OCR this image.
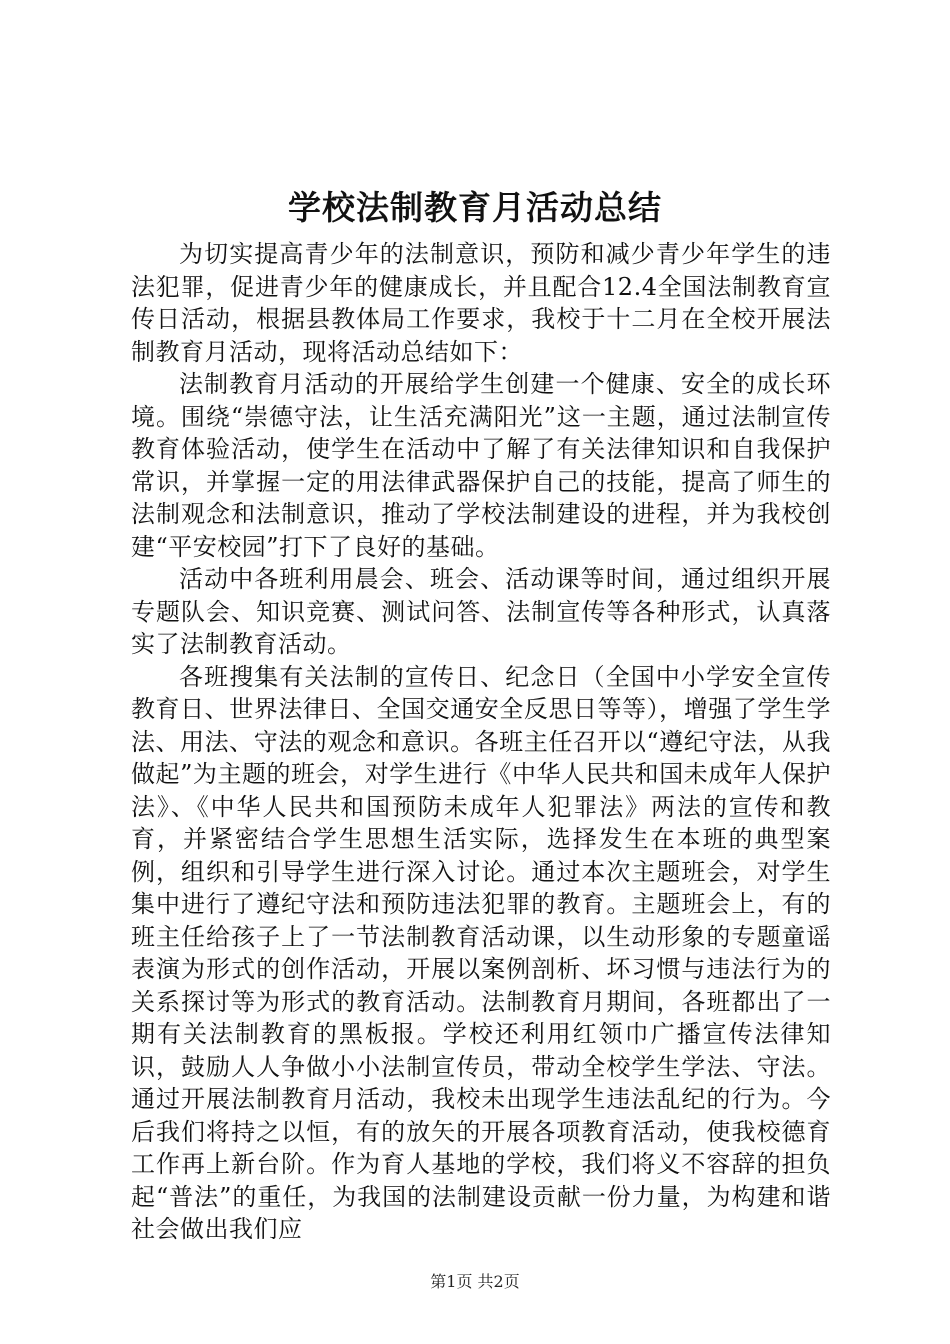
学校法制教育月活动总结

为切实提高青少年的法制意识，预防和减少青少年学生的违法犯罪，促进青少年的健康成长，并且配合12.4全国法制教育宣传日活动，根据县教体局工作要求，我校于十二月在全校开展法制教育月活动，现将活动总结如下：

法制教育月活动的开展给学生创建一个健康、安全的成长环境。围绕“崇德守法，让生活充满阳光”这一主题，通过法制宣传教育体验活动，使学生在活动中了解了有关法律知识和自我保护常识，并掌握一定的用法律武器保护自己的技能，提高了师生的法制观念和法制意识，推动了学校法制建设的进程，并为我校创建“平安校园”打下了良好的基础。

活动中各班利用晨会、班会、活动课等时间，通过组织开展专题队会、知识竞赛、测试问答、法制宣传等各种形式，认真落实了法制教育活动。

各班搜集有关法制的宣传日、纪念日（全国中小学安全宣传教育日、世界法律日、全国交通安全反思日等等），增强了学生学法、用法、守法的观念和意识。各班主任召开以“遵纪守法，从我做起”为主题的班会，对学生进行《中华人民共和国未成年人保护法》、《中华人民共和国预防未成年人犯罪法》两法的宣传和教育，并紧密结合学生思想生活实际，选择发生在本班的典型案例，组织和引导学生进行深入讨论。通过本次主题班会，对学生集中进行了遵纪守法和预防违法犯罪的教育。主题班会上，有的班主任给孩子上了一节法制教育活动课，以生动形象的专题童谣表演为形式的创作活动，开展以案例剖析、坏习惯与违法行为的关系探讨等为形式的教育活动。法制教育月期间，各班都出了一期有关法制教育的黑板报。学校还利用红领巾广播宣传法律知识，鼓励人人争做小小法制宣传员，带动全校学生学法、守法。通过开展法制教育月活动，我校未出现学生违法乱纪的行为。今后我们将持之以恒，有的放矢的开展各项教育活动，使我校德育工作再上新台阶。作为育人基地的学校，我们将义不容辞的担负起“普法”的重任，为我国的法制建设贡献一份力量，为构建和谐社会做出我们应

第1页 共2页
